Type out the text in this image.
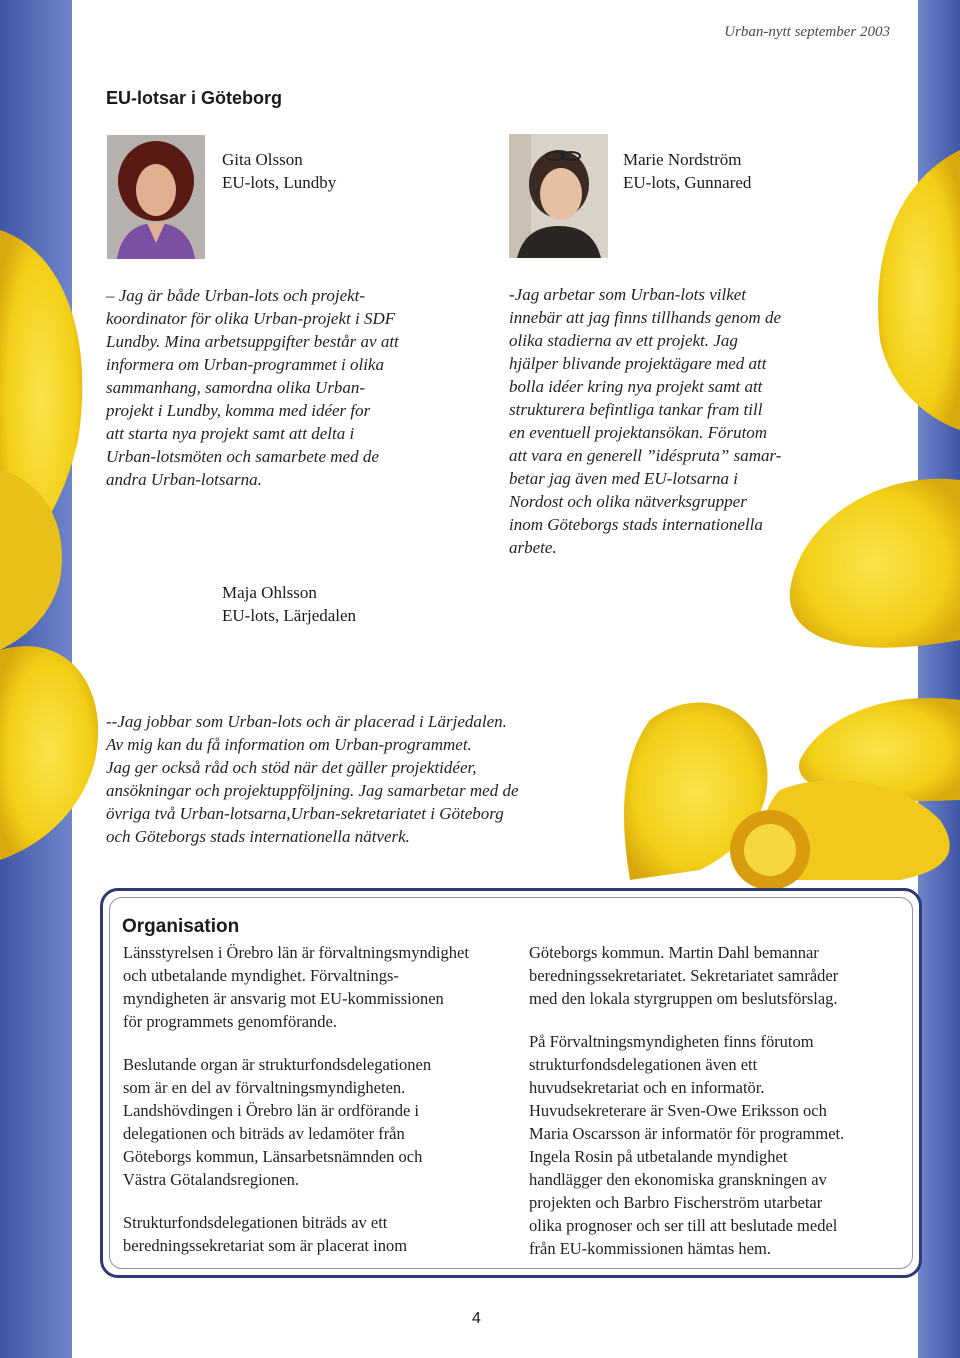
Urban-nytt september 2003
EU-lotsar i Göteborg
Gita Olsson
EU-lots, Lundby
Marie Nordström
EU-lots, Gunnared

– Jag är både Urban-lots och projekt-

koordinator för olika Urban-projekt i SDF

Lundby. Mina arbetsuppgifter består av att

informera om Urban-programmet i olika

sammanhang, samordna olika Urban-

projekt i Lundby, komma med idéer for

att starta nya projekt samt att delta i

Urban-lotsmöten och samarbete med de

andra Urban-lotsarna.

-Jag arbetar som Urban-lots vilket

innebär att jag finns tillhands genom de

olika stadierna av ett projekt. Jag

hjälper blivande projektägare med att

bolla idéer kring nya projekt samt att

strukturera befintliga tankar fram till

en eventuell projektansökan. Förutom

att vara en generell ”idéspruta” samar-

betar jag även med EU-lotsarna i

Nordost och olika nätverksgrupper

inom Göteborgs stads internationella

arbete.

Maja Ohlsson
EU-lots, Lärjedalen

--Jag jobbar som Urban-lots och är placerad i Lärjedalen.

Av mig kan du få information om Urban-programmet.

Jag ger också råd och stöd när det gäller projektidéer,

ansökningar och projektuppföljning. Jag samarbetar med de

övriga två Urban-lotsarna,Urban-sekretariatet i Göteborg

och Göteborgs stads internationella nätverk.

Organisation

Länsstyrelsen i Örebro län är förvaltningsmyndighet
och utbetalande myndighet. Förvaltnings-
myndigheten är ansvarig mot EU-kommissionen
för programmets genomförande.

Beslutande organ är strukturfondsdelegationen
som är en del av förvaltningsmyndigheten.
Landshövdingen i Örebro län är ordförande i
delegationen och biträds av ledamöter från
Göteborgs kommun, Länsarbetsnämnden och
Västra Götalandsregionen.

Strukturfondsdelegationen biträds av ett
beredningssekretariat som är placerat inom

Göteborgs kommun. Martin Dahl bemannar
beredningssekretariatet. Sekretariatet samråder
med den lokala styrgruppen om beslutsförslag.

På Förvaltningsmyndigheten finns förutom
strukturfondsdelegationen även ett
huvudsekretariat och en informatör.
Huvudsekreterare är Sven-Owe Eriksson och
Maria Oscarsson är informatör för programmet.
Ingela Rosin på utbetalande myndighet
handlägger den ekonomiska granskningen av
projekten och Barbro Fischerström utarbetar
olika prognoser och ser till att beslutade medel
från EU-kommissionen hämtas hem.

4
